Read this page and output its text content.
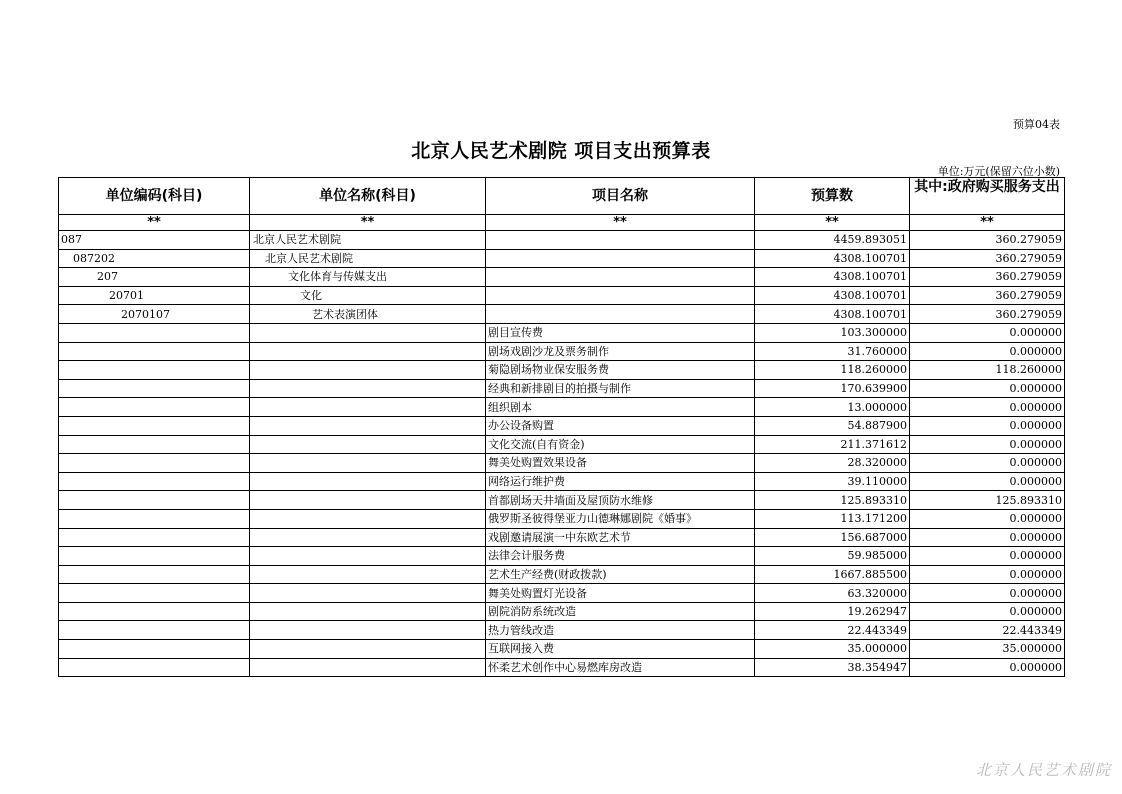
预算04表
北京人民艺术剧院 项目支出预算表
单位:万元(保留六位小数)
单位编码(科目)	单位名称(科目)	项目名称	预算数	其中:政府购买服务支出
**	**	**	**	**
087	北京人民艺术剧院		4459.893051	360.279059
087202	北京人民艺术剧院		4308.100701	360.279059
207	文化体育与传媒支出		4308.100701	360.279059
20701	文化		4308.100701	360.279059
2070107	艺术表演团体		4308.100701	360.279059
		剧目宣传费	103.300000	0.000000
		剧场戏剧沙龙及票务制作	31.760000	0.000000
		菊隐剧场物业保安服务费	118.260000	118.260000
		经典和新排剧目的拍摄与制作	170.639900	0.000000
		组织剧本	13.000000	0.000000
		办公设备购置	54.887900	0.000000
		文化交流(自有资金)	211.371612	0.000000
		舞美处购置效果设备	28.320000	0.000000
		网络运行维护费	39.110000	0.000000
		首都剧场天井墙面及屋顶防水维修	125.893310	125.893310
		俄罗斯圣彼得堡亚力山德琳娜剧院《婚事》	113.171200	0.000000
		戏剧邀请展演一中东欧艺术节	156.687000	0.000000
		法律会计服务费	59.985000	0.000000
		艺术生产经费(财政拨款)	1667.885500	0.000000
		舞美处购置灯光设备	63.320000	0.000000
		剧院消防系统改造	19.262947	0.000000
		热力管线改造	22.443349	22.443349
		互联网接入费	35.000000	35.000000
		怀柔艺术创作中心易燃库房改造	38.354947	0.000000
北京人民艺术剧院
